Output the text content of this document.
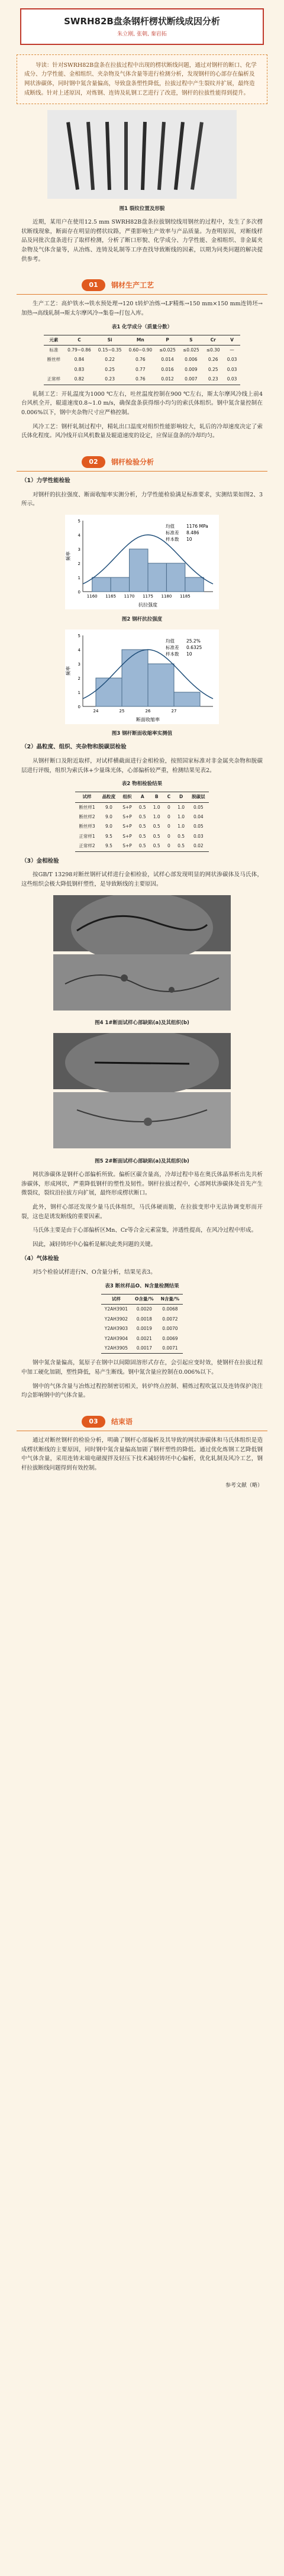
SWRH82B盘条钢杆楞状断线成因分析
朱立刚, 张朝, 秦岩拓
导读：针对SWRH82B盘条在拉拔过程中出现的楞状断线问题，通过对钢杆的断口、化学成分、力学性能、金相组织、夹杂物及气体含量等进行检测分析，发现钢杆的心部存在偏析及网状渗碳体，同时钢中氮含量偏高，导致盘条塑性降低，拉拔过程中产生裂纹并扩展，最终造成断线。针对上述原因，对炼钢、连铸及轧钢工艺进行了改进，钢杆的拉拔性能得到提升。
图1 裂纹位置及形貌
近期，某用户在使用12.5 mm SWRH82B盘条拉拔钢绞线用钢丝的过程中，发生了多次楞状断线现象，断面存在明显的楞状纹路，严重影响生产效率与产品质量。为查明原因，对断线样品及同批次盘条进行了取样检测，分析了断口形貌、化学成分、力学性能、金相组织、非金属夹杂物及气体含量等，从冶炼、连铸及轧制等工序查找导致断线的因素，以期为同类问题的解决提供参考。
01	钢材生产工艺
生产工艺：高炉铁水→铁水预处理→120 t转炉冶炼→LF精炼→150 mm×150 mm连铸坯→加热→高线轧制→斯太尔摩风冷→集卷→打包入库。
表1 化学成分（质量分数）
元素	C	Si	Mn	P	S	Cr	V
标准	0.79~0.86	0.15~0.35	0.60~0.90	≤0.025	≤0.025	≤0.30	—
断丝样	0.84	0.22	0.76	0.014	0.006	0.26	0.03
	0.83	0.25	0.77	0.016	0.009	0.25	0.03
正常样	0.82	0.23	0.76	0.012	0.007	0.23	0.03
轧制工艺：开轧温度为1000 ℃左右，吐丝温度控制在900 ℃左右，斯太尔摩风冷线上前4台风机全开，辊道速度0.8~1.0 m/s，确保盘条获得细小均匀的索氏体组织。钢中氮含量控制在0.006%以下，钢中夹杂物尺寸应严格控制。
风冷工艺：钢杆轧制过程中，精轧出口温度对组织性能影响较大，轧后的冷却速度决定了索氏体化程度。风冷线开启风机数量及辊道速度的设定，应保证盘条的冷却均匀。
02	钢杆检验分析
（1）力学性能检验
对钢杆的抗拉强度、断面收缩率实测分析，力学性能检验满足标准要求，实测结果如图2、3所示。
1160 1165 1170 1175 1180 1185
0
1
2
3
4
5
抗拉强度
频率
均值	1176 MPa
标准差 8.486
样本数 10
图2 钢杆抗拉强度
24	25	26	27
0
1
2
3
4
5
断面收缩率
频率
均值	25.2%
标准差 0.6325
样本数 10
图3 钢杆断面收缩率实测值
（2）晶粒度、组织、夹杂物和脱碳层检验
从钢杆断口及附近取样，对试样横截面进行金相检验，按照国家标准对非金属夹杂物和脱碳层进行评级，组织为索氏体+少量珠光体，心部偏析较严重，检测结果见表2。
表2 物相检验结果
试样	晶粒度	组织	A	B	C	D	脱碳层
断丝样1	9.0	S+P	0.5	1.0	0	1.0	0.05
断丝样2	9.0	S+P	0.5	1.0	0	1.0	0.04
断丝样3	9.0	S+P	0.5	0.5	0	1.0	0.05
正常样1	9.5	S+P	0.5	0.5	0	0.5	0.03
正常样2	9.5	S+P	0.5	0.5	0	0.5	0.02
（3）金相检验
按GB/T 13298对断丝钢杆试样进行金相检验，试样心部发现明显的网状渗碳体及马氏体，这些组织会极大降低钢杆塑性，是导致断线的主要原因。
图4 1#断面试样心部缺陷(a)及其组织(b)
图5 2#断面试样心部缺陷(a)及其组织(b)
网状渗碳体是钢杆心部偏析所致。偏析区碳含量高，冷却过程中易在奥氏体晶界析出先共析渗碳体，形成网状，严重降低钢杆的塑性及韧性。钢杆拉拔过程中，心部网状渗碳体处首先产生微裂纹，裂纹沿拉拔方向扩展，最终形成楞状断口。
此外，钢杆心部还发现少量马氏体组织，马氏体硬而脆，在拉拔变形中无法协调变形而开裂，这也是诱发断线的重要因素。
马氏体主要是由于心部偏析区Mn、Cr等合金元素富集，淬透性提高，在风冷过程中形成。
因此，减轻铸坯中心偏析是解决此类问题的关键。
（4）气体检验
对5个检验试样进行N、O含量分析，结果见表3。
表3 断丝样品O、N含量检测结果
试样	O含量/%	N含量/%
Y2AH3901	0.0020	0.0068
Y2AH3902	0.0018	0.0072
Y2AH3903	0.0019	0.0070
Y2AH3904	0.0021	0.0069
Y2AH3905	0.0017	0.0071
钢中氮含量偏高，氮原子在钢中以间隙固溶形式存在，会引起应变时效，使钢杆在拉拔过程中加工硬化加剧，塑性降低，易产生断线。钢中氮含量应控制在0.006%以下。
钢中的气体含量与冶炼过程控制密切相关，转炉终点控制、精炼过程吹氩以及连铸保护浇注均会影响钢中的气体含量。
03	结束语
通过对断丝钢杆的检验分析，明确了钢杆心部偏析及其导致的网状渗碳体和马氏体组织是造成楞状断线的主要原因，同时钢中氮含量偏高加剧了钢杆塑性的降低。通过优化炼钢工艺降低钢中气体含量，采用连铸末端电磁搅拌及轻压下技术减轻铸坯中心偏析，优化轧制及风冷工艺，钢杆拉拔断线问题得到有效控制。
参考文献（略）
